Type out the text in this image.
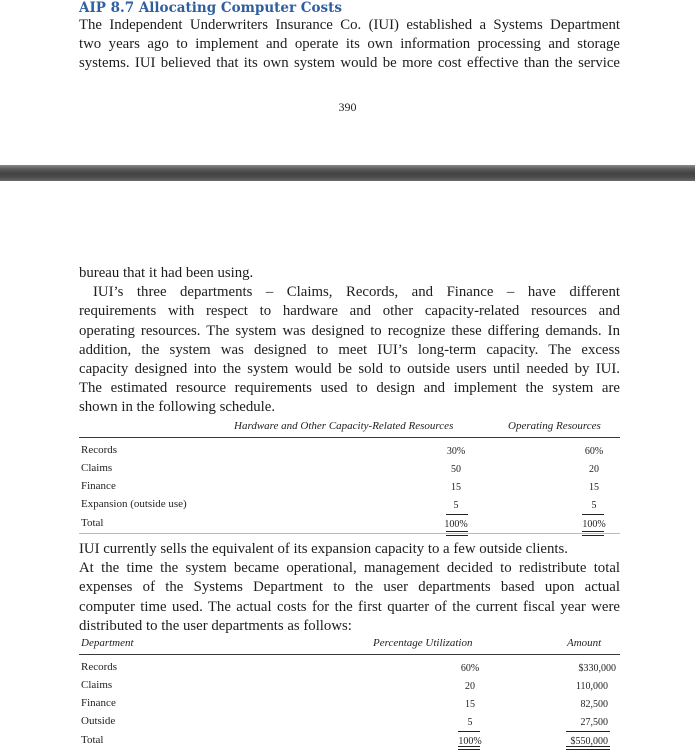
AIP 8.7 Allocating Computer Costs
The Independent Underwriters Insurance Co. (IUI) established a Systems Department
two years ago to implement and operate its own information processing and storage
systems. IUI believed that its own system would be more cost effective than the service
390
bureau that it had been using.
IUI’s three departments – Claims, Records, and Finance – have different
requirements with respect to hardware and other capacity-related resources and
operating resources. The system was designed to recognize these differing demands. In
addition, the system was designed to meet IUI’s long-term capacity. The excess
capacity designed into the system would be sold to outside users until needed by IUI.
The estimated resource requirements used to design and implement the system are
shown in the following schedule.
Hardware and Other Capacity-Related Resources	Operating Resources
Records	30%	60%
Claims	50	20
Finance	15	15
Expansion (outside use)	5	5
Total	100%	100%
IUI currently sells the equivalent of its expansion capacity to a few outside clients.
At the time the system became operational, management decided to redistribute total
expenses of the Systems Department to the user departments based upon actual
computer time used. The actual costs for the first quarter of the current fiscal year were
distributed to the user departments as follows:
Department	Percentage Utilization	Amount
Records	60%	$330,000
Claims	20	110,000
Finance	15	82,500
Outside	5	27,500
Total	100%	$550,000
